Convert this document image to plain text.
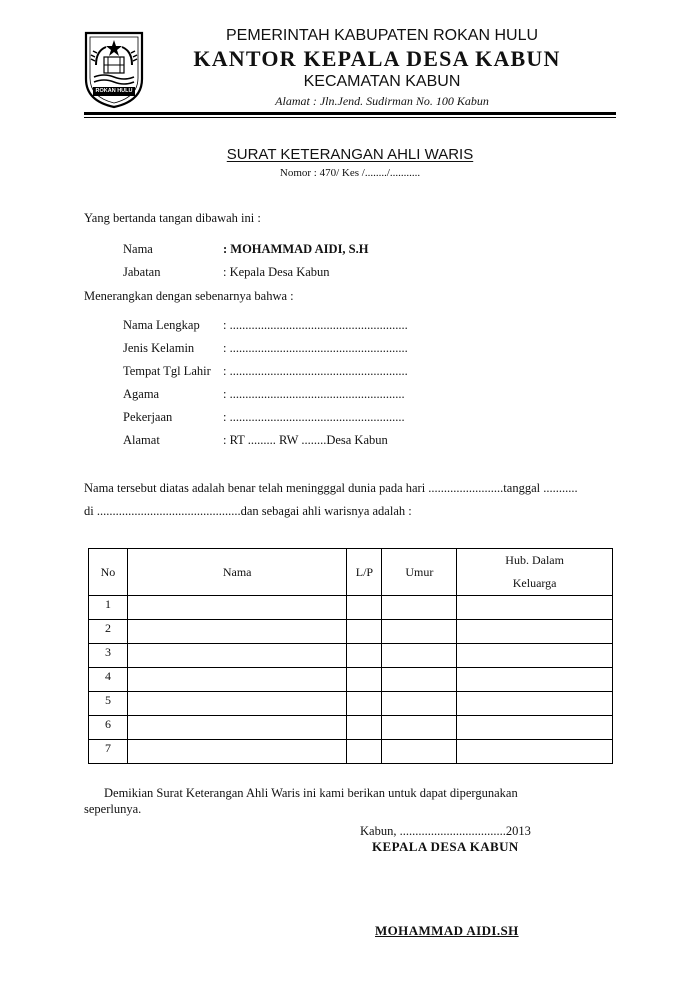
ROKAN HULU
PEMERINTAH KABUPATEN ROKAN HULU
KANTOR KEPALA DESA KABUN
KECAMATAN KABUN
Alamat : Jln.Jend. Sudirman No. 100 Kabun
SURAT KETERANGAN AHLI WARIS
Nomor : 470/ Kes /......../...........
Yang bertanda tangan dibawah ini :
Nama	: MOHAMMAD AIDI, S.H
Jabatan	: Kepala Desa Kabun
Menerangkan dengan sebenarnya bahwa :
Nama Lengkap : .........................................................
Jenis Kelamin : .........................................................
Tempat Tgl Lahir : .........................................................
Agama	: ........................................................
Pekerjaan	: ........................................................
Alamat	: RT ......... RW ........Desa Kabun
Nama tersebut diatas adalah benar telah meningggal dunia pada hari ........................tanggal ...........
di ..............................................dan sebagai ahli warisnya adalah :
No	Nama	L/P	Umur	Hub. Dalam
Keluarga

1				
2				
3				
4				
5				
6				
7				
Demikian Surat Keterangan Ahli Waris ini kami berikan untuk dapat dipergunakan
seperlunya.
Kabun, ..................................2013
KEPALA DESA KABUN
MOHAMMAD AIDI.SH
